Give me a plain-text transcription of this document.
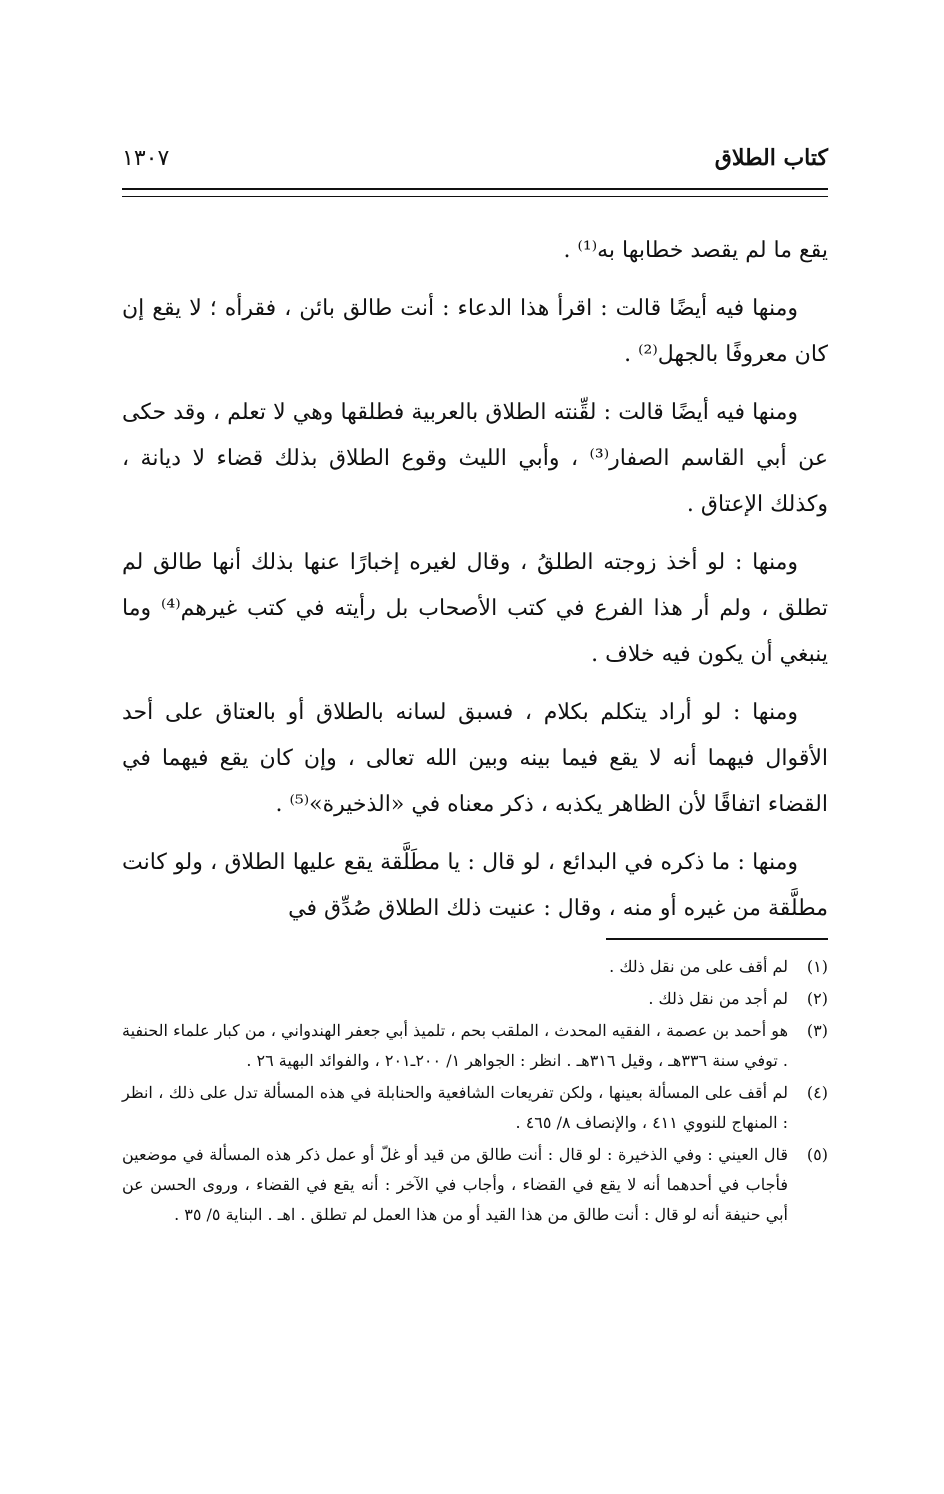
كتاب الطلاق
١٣٠٧

يقع ما لم يقصد خطابها به⁽¹⁾ .

ومنها فيه أيضًا قالت : اقرأ هذا الدعاء : أنت طالق بائن ، فقرأه ؛ لا يقع إن كان معروفًا بالجهل⁽²⁾ .

ومنها فيه أيضًا قالت : لقِّنته الطلاق بالعربية فطلقها وهي لا تعلم ، وقد حكى عن أبي القاسم الصفار⁽³⁾ ، وأبي الليث وقوع الطلاق بذلك قضاء لا ديانة ، وكذلك الإعتاق .

ومنها : لو أخذ زوجته الطلقُ ، وقال لغيره إخبارًا عنها بذلك أنها طالق لم تطلق ، ولم أر هذا الفرع في كتب الأصحاب بل رأيته في كتب غيرهم⁽⁴⁾ وما ينبغي أن يكون فيه خلاف .

ومنها : لو أراد يتكلم بكلام ، فسبق لسانه بالطلاق أو بالعتاق على أحد الأقوال فيهما أنه لا يقع فيما بينه وبين الله تعالى ، وإن كان يقع فيهما في القضاء اتفاقًا لأن الظاهر يكذبه ، ذكر معناه في «الذخيرة»⁽⁵⁾ .

ومنها : ما ذكره في البدائع ، لو قال : يا مطَلَّقة يقع عليها الطلاق ، ولو كانت مطلَّقة من غيره أو منه ، وقال : عنيت ذلك الطلاق صُدِّق في

(١)
لم أقف على من نقل ذلك .
(٢)
لم أجد من نقل ذلك .
(٣)
هو أحمد بن عصمة ، الفقيه المحدث ، الملقب بحم ، تلميذ أبي جعفر الهندواني ، من كبار علماء الحنفية . توفي سنة ٣٣٦هـ ، وقيل ٣١٦هـ . انظر : الجواهر ١/ ٢٠٠ـ٢٠١ ، والفوائد البهية ٢٦ .
(٤)
لم أقف على المسألة بعينها ، ولكن تفريعات الشافعية والحنابلة في هذه المسألة تدل على ذلك ، انظر : المنهاج للنووي ٤١١ ، والإنصاف ٨/ ٤٦٥ .
(٥)
قال العيني : وفي الذخيرة : لو قال : أنت طالق من قيد أو غلّ أو عمل ذكر هذه المسألة في موضعين فأجاب في أحدهما أنه لا يقع في القضاء ، وأجاب في الآخر : أنه يقع في القضاء ، وروى الحسن عن أبي حنيفة أنه لو قال : أنت طالق من هذا القيد أو من هذا العمل لم تطلق . اهـ . البناية ٥/ ٣٥ .
